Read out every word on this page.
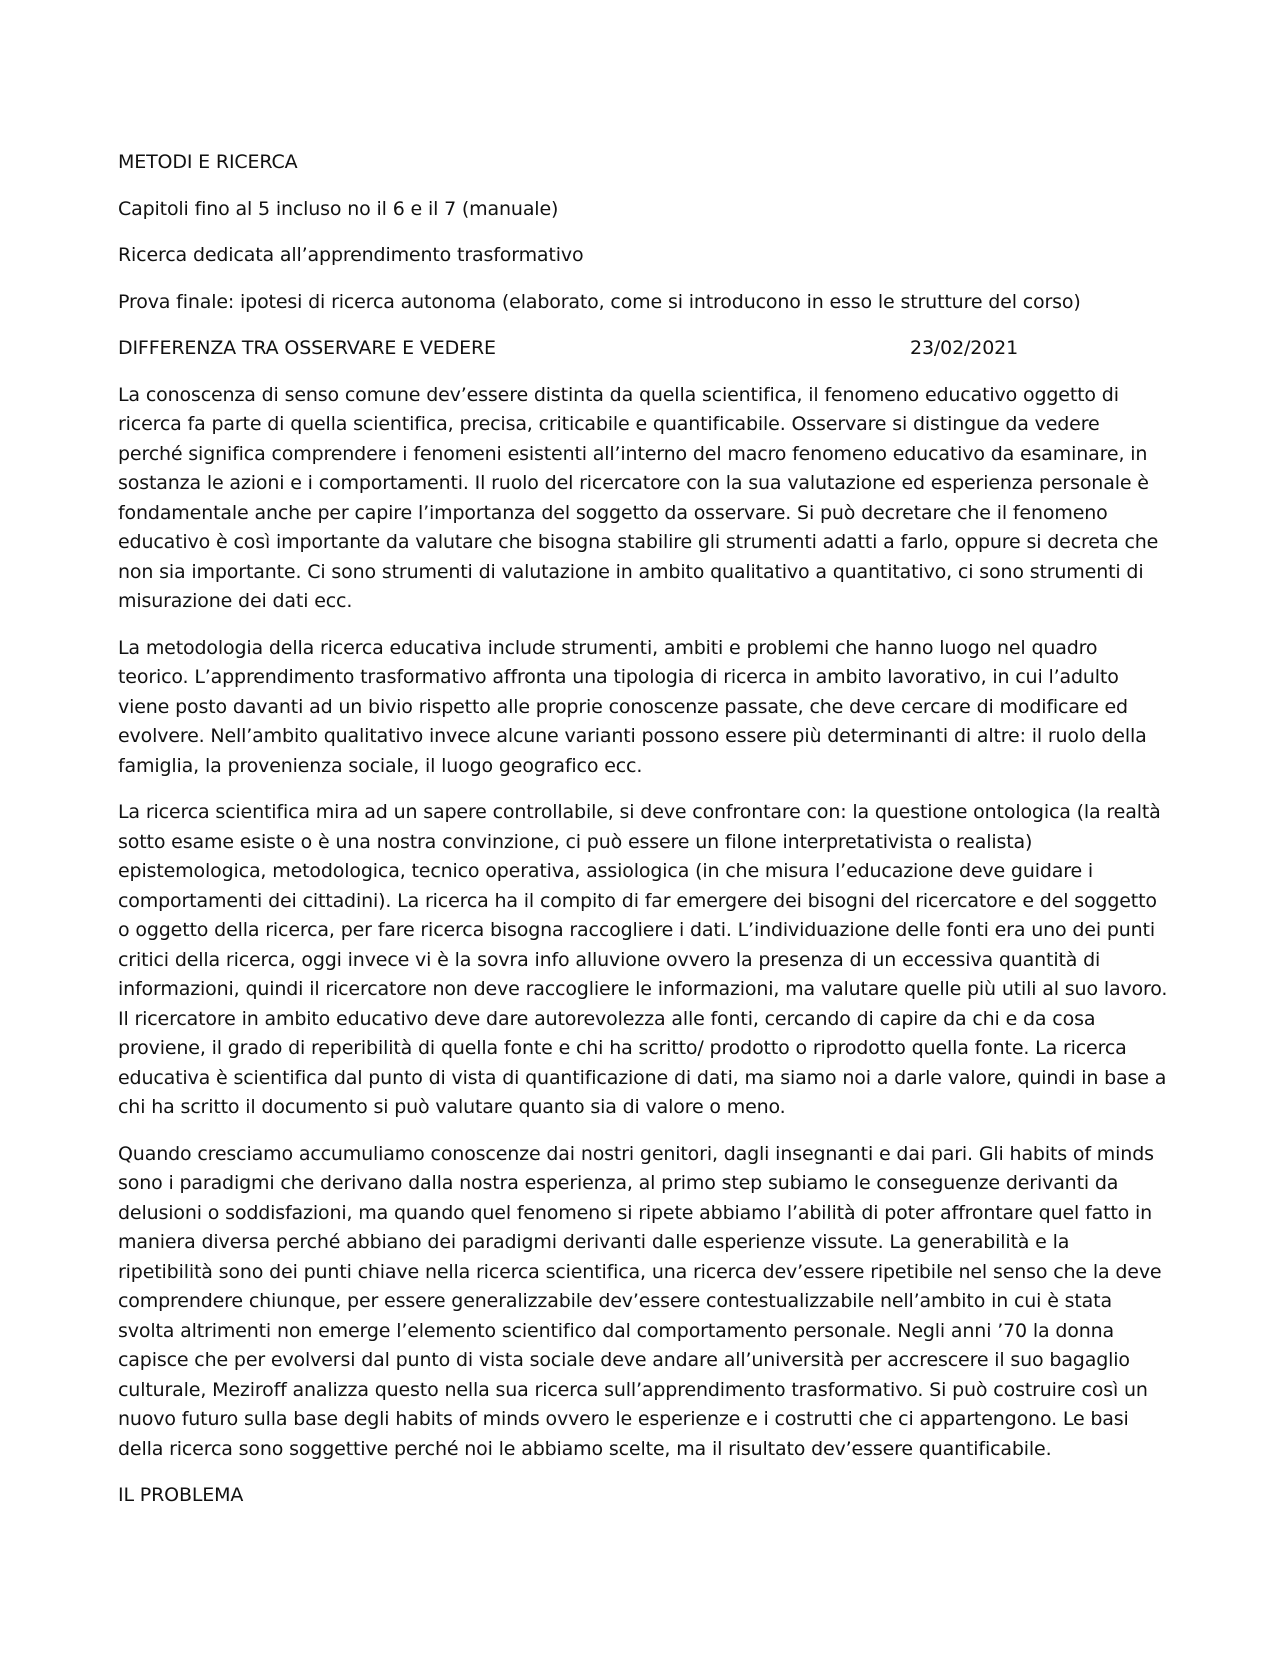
METODI E RICERCA
Capitoli fino al 5 incluso no il 6 e il 7 (manuale)
Ricerca dedicata all’apprendimento trasformativo
Prova finale: ipotesi di ricerca autonoma (elaborato, come si introducono in esso le strutture del corso)
DIFFERENZA TRA OSSERVARE E VEDERE	23/02/2021

La conoscenza di senso comune dev’essere distinta da quella scientifica, il fenomeno educativo oggetto di ricerca fa parte di quella scientifica, precisa, criticabile e quantificabile. Osservare si distingue da vedere perché significa comprendere i fenomeni esistenti all’interno del macro fenomeno educativo da esaminare, in sostanza le azioni e i comportamenti. Il ruolo del ricercatore con la sua valutazione ed esperienza personale è fondamentale anche per capire l’importanza del soggetto da osservare. Si può decretare che il fenomeno educativo è così importante da valutare che bisogna stabilire gli strumenti adatti a farlo, oppure si decreta che non sia importante. Ci sono strumenti di valutazione in ambito qualitativo a quantitativo, ci sono strumenti di misurazione dei dati ecc.

La metodologia della ricerca educativa include strumenti, ambiti e problemi che hanno luogo nel quadro teorico. L’apprendimento trasformativo affronta una tipologia di ricerca in ambito lavorativo, in cui l’adulto viene posto davanti ad un bivio rispetto alle proprie conoscenze passate, che deve cercare di modificare ed evolvere. Nell’ambito qualitativo invece alcune varianti possono essere più determinanti di altre: il ruolo della famiglia, la provenienza sociale, il luogo geografico ecc.

La ricerca scientifica mira ad un sapere controllabile, si deve confrontare con: la questione ontologica (la realtà sotto esame esiste o è una nostra convinzione, ci può essere un filone interpretativista o realista) epistemologica, metodologica, tecnico operativa, assiologica (in che misura l’educazione deve guidare i comportamenti dei cittadini). La ricerca ha il compito di far emergere dei bisogni del ricercatore e del soggetto o oggetto della ricerca, per fare ricerca bisogna raccogliere i dati. L’individuazione delle fonti era uno dei punti critici della ricerca, oggi invece vi è la sovra info alluvione ovvero la presenza di un eccessiva quantità di informazioni, quindi il ricercatore non deve raccogliere le informazioni, ma valutare quelle più utili al suo lavoro. Il ricercatore in ambito educativo deve dare autorevolezza alle fonti, cercando di capire da chi e da cosa proviene, il grado di reperibilità di quella fonte e chi ha scritto/ prodotto o riprodotto quella fonte. La ricerca educativa è scientifica dal punto di vista di quantificazione di dati, ma siamo noi a darle valore, quindi in base a chi ha scritto il documento si può valutare quanto sia di valore o meno.

Quando cresciamo accumuliamo conoscenze dai nostri genitori, dagli insegnanti e dai pari. Gli habits of minds sono i paradigmi che derivano dalla nostra esperienza, al primo step subiamo le conseguenze derivanti da delusioni o soddisfazioni, ma quando quel fenomeno si ripete abbiamo l’abilità di poter affrontare quel fatto in maniera diversa perché abbiano dei paradigmi derivanti dalle esperienze vissute. La generabilità e la ripetibilità sono dei punti chiave nella ricerca scientifica, una ricerca dev’essere ripetibile nel senso che la deve comprendere chiunque, per essere generalizzabile dev’essere contestualizzabile nell’ambito in cui è stata svolta altrimenti non emerge l’elemento scientifico dal comportamento personale. Negli anni ’70 la donna capisce che per evolversi dal punto di vista sociale deve andare all’università per accrescere il suo bagaglio culturale, Meziroff analizza questo nella sua ricerca sull’apprendimento trasformativo. Si può costruire così un nuovo futuro sulla base degli habits of minds ovvero le esperienze e i costrutti che ci appartengono. Le basi della ricerca sono soggettive perché noi le abbiamo scelte, ma il risultato dev’essere quantificabile.

IL PROBLEMA
